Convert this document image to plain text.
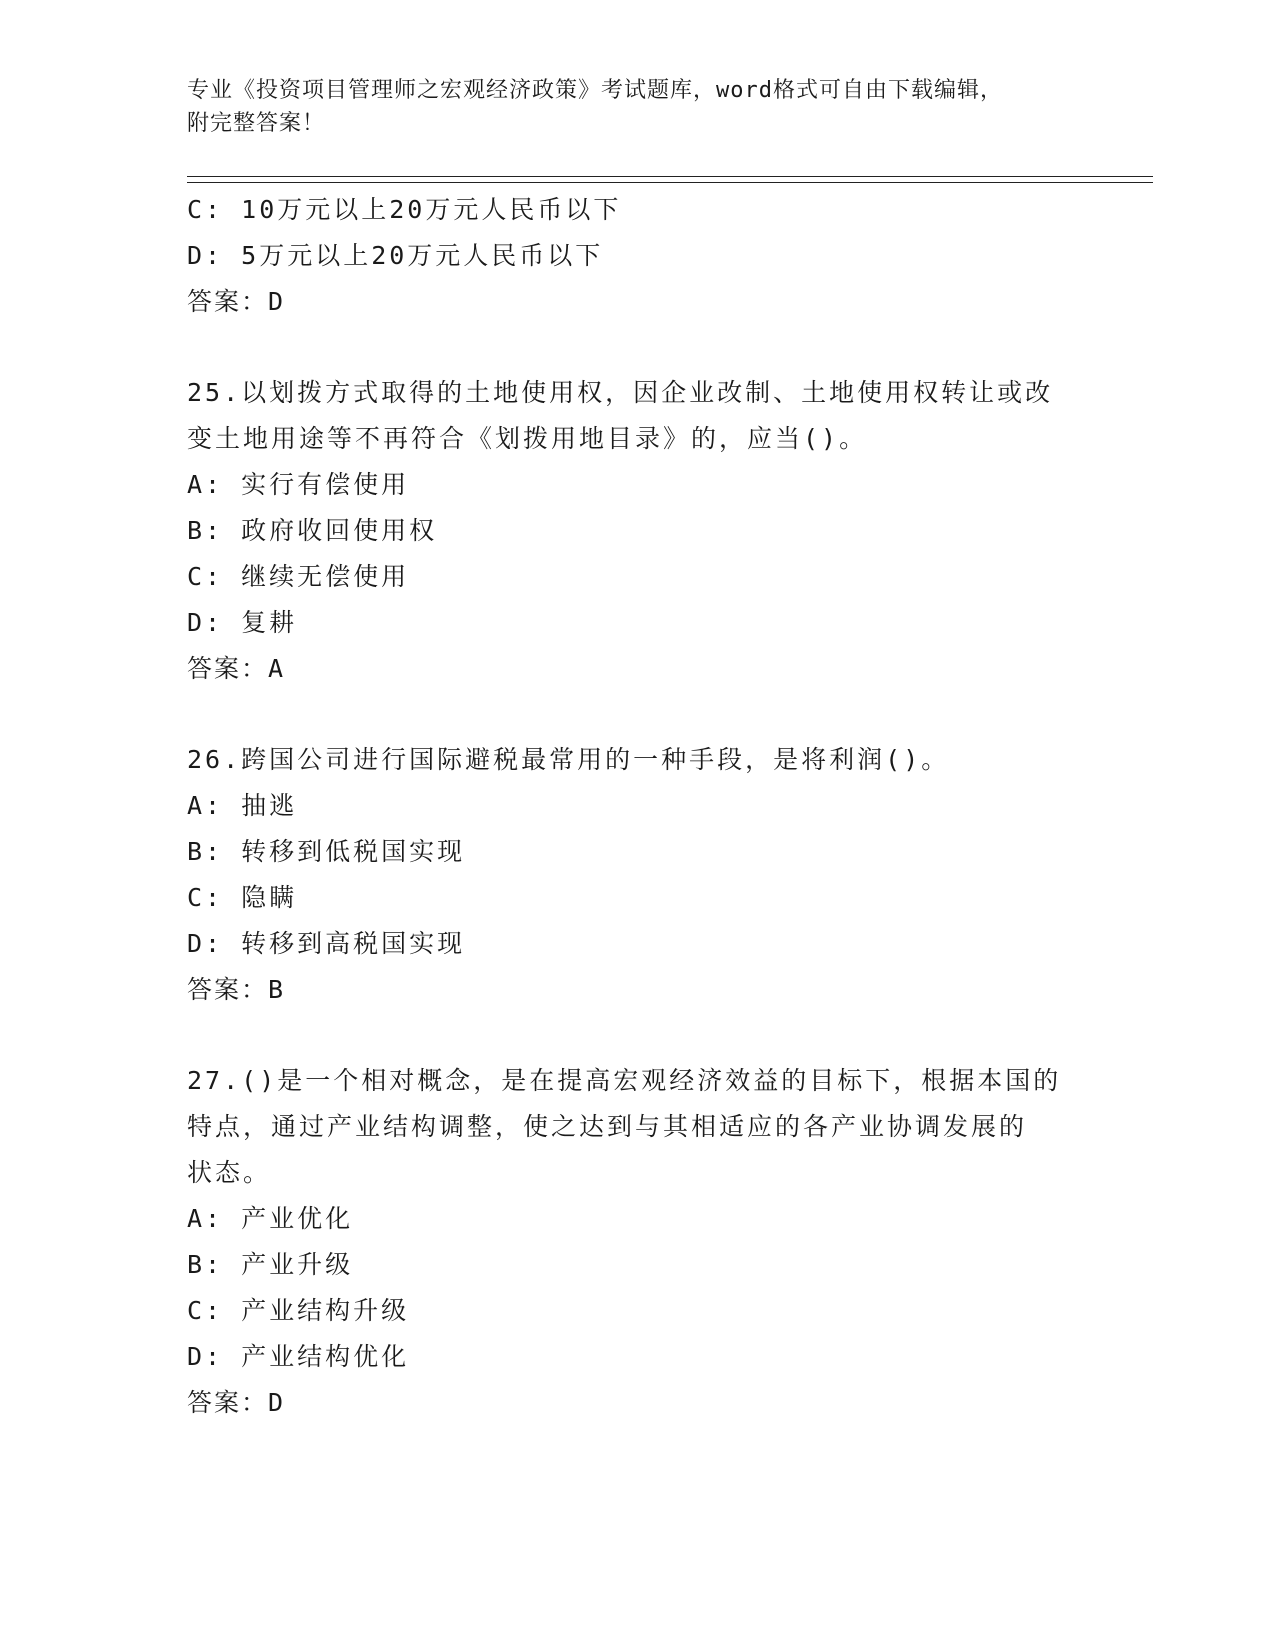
专业《投资项目管理师之宏观经济政策》考试题库，word格式可自由下载编辑，
附完整答案！
C: 10万元以上20万元人民币以下
D: 5万元以上20万元人民币以下
答案：D
25.以划拨方式取得的土地使用权，因企业改制、土地使用权转让或改
变土地用途等不再符合《划拨用地目录》的，应当()。
A: 实行有偿使用
B: 政府收回使用权
C: 继续无偿使用
D: 复耕
答案：A
26.跨国公司进行国际避税最常用的一种手段，是将利润()。
A: 抽逃
B: 转移到低税国实现
C: 隐瞒
D: 转移到高税国实现
答案：B
27.()是一个相对概念，是在提高宏观经济效益的目标下，根据本国的
特点，通过产业结构调整，使之达到与其相适应的各产业协调发展的
状态。
A: 产业优化
B: 产业升级
C: 产业结构升级
D: 产业结构优化
答案：D
